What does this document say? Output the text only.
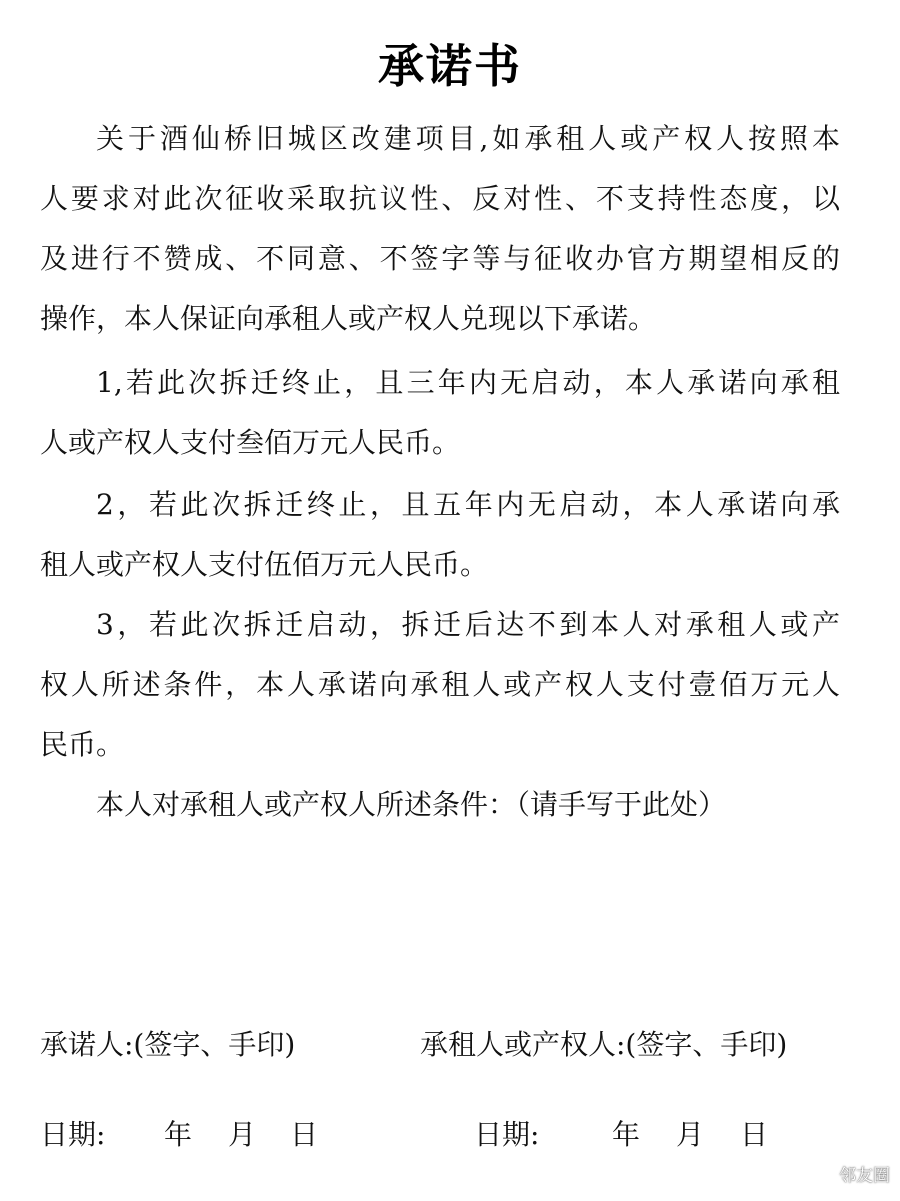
承诺书
关于酒仙桥旧城区改建项目,如承租人或产权人按照本
人要求对此次征收采取抗议性、反对性、不支持性态度，以
及进行不赞成、不同意、不签字等与征收办官方期望相反的
操作，本人保证向承租人或产权人兑现以下承诺。
1,若此次拆迁终止，且三年内无启动，本人承诺向承租
人或产权人支付叁佰万元人民币。
2，若此次拆迁终止，且五年内无启动，本人承诺向承
租人或产权人支付伍佰万元人民币。
3，若此次拆迁启动，拆迁后达不到本人对承租人或产
权人所述条件，本人承诺向承租人或产权人支付壹佰万元人
民币。
本人对承租人或产权人所述条件：（请手写于此处）
承诺人:(签字、手印)	承租人或产权人:(签字、手印)
日期: 年 月 日	日期:	年 月 日
邻友圈
